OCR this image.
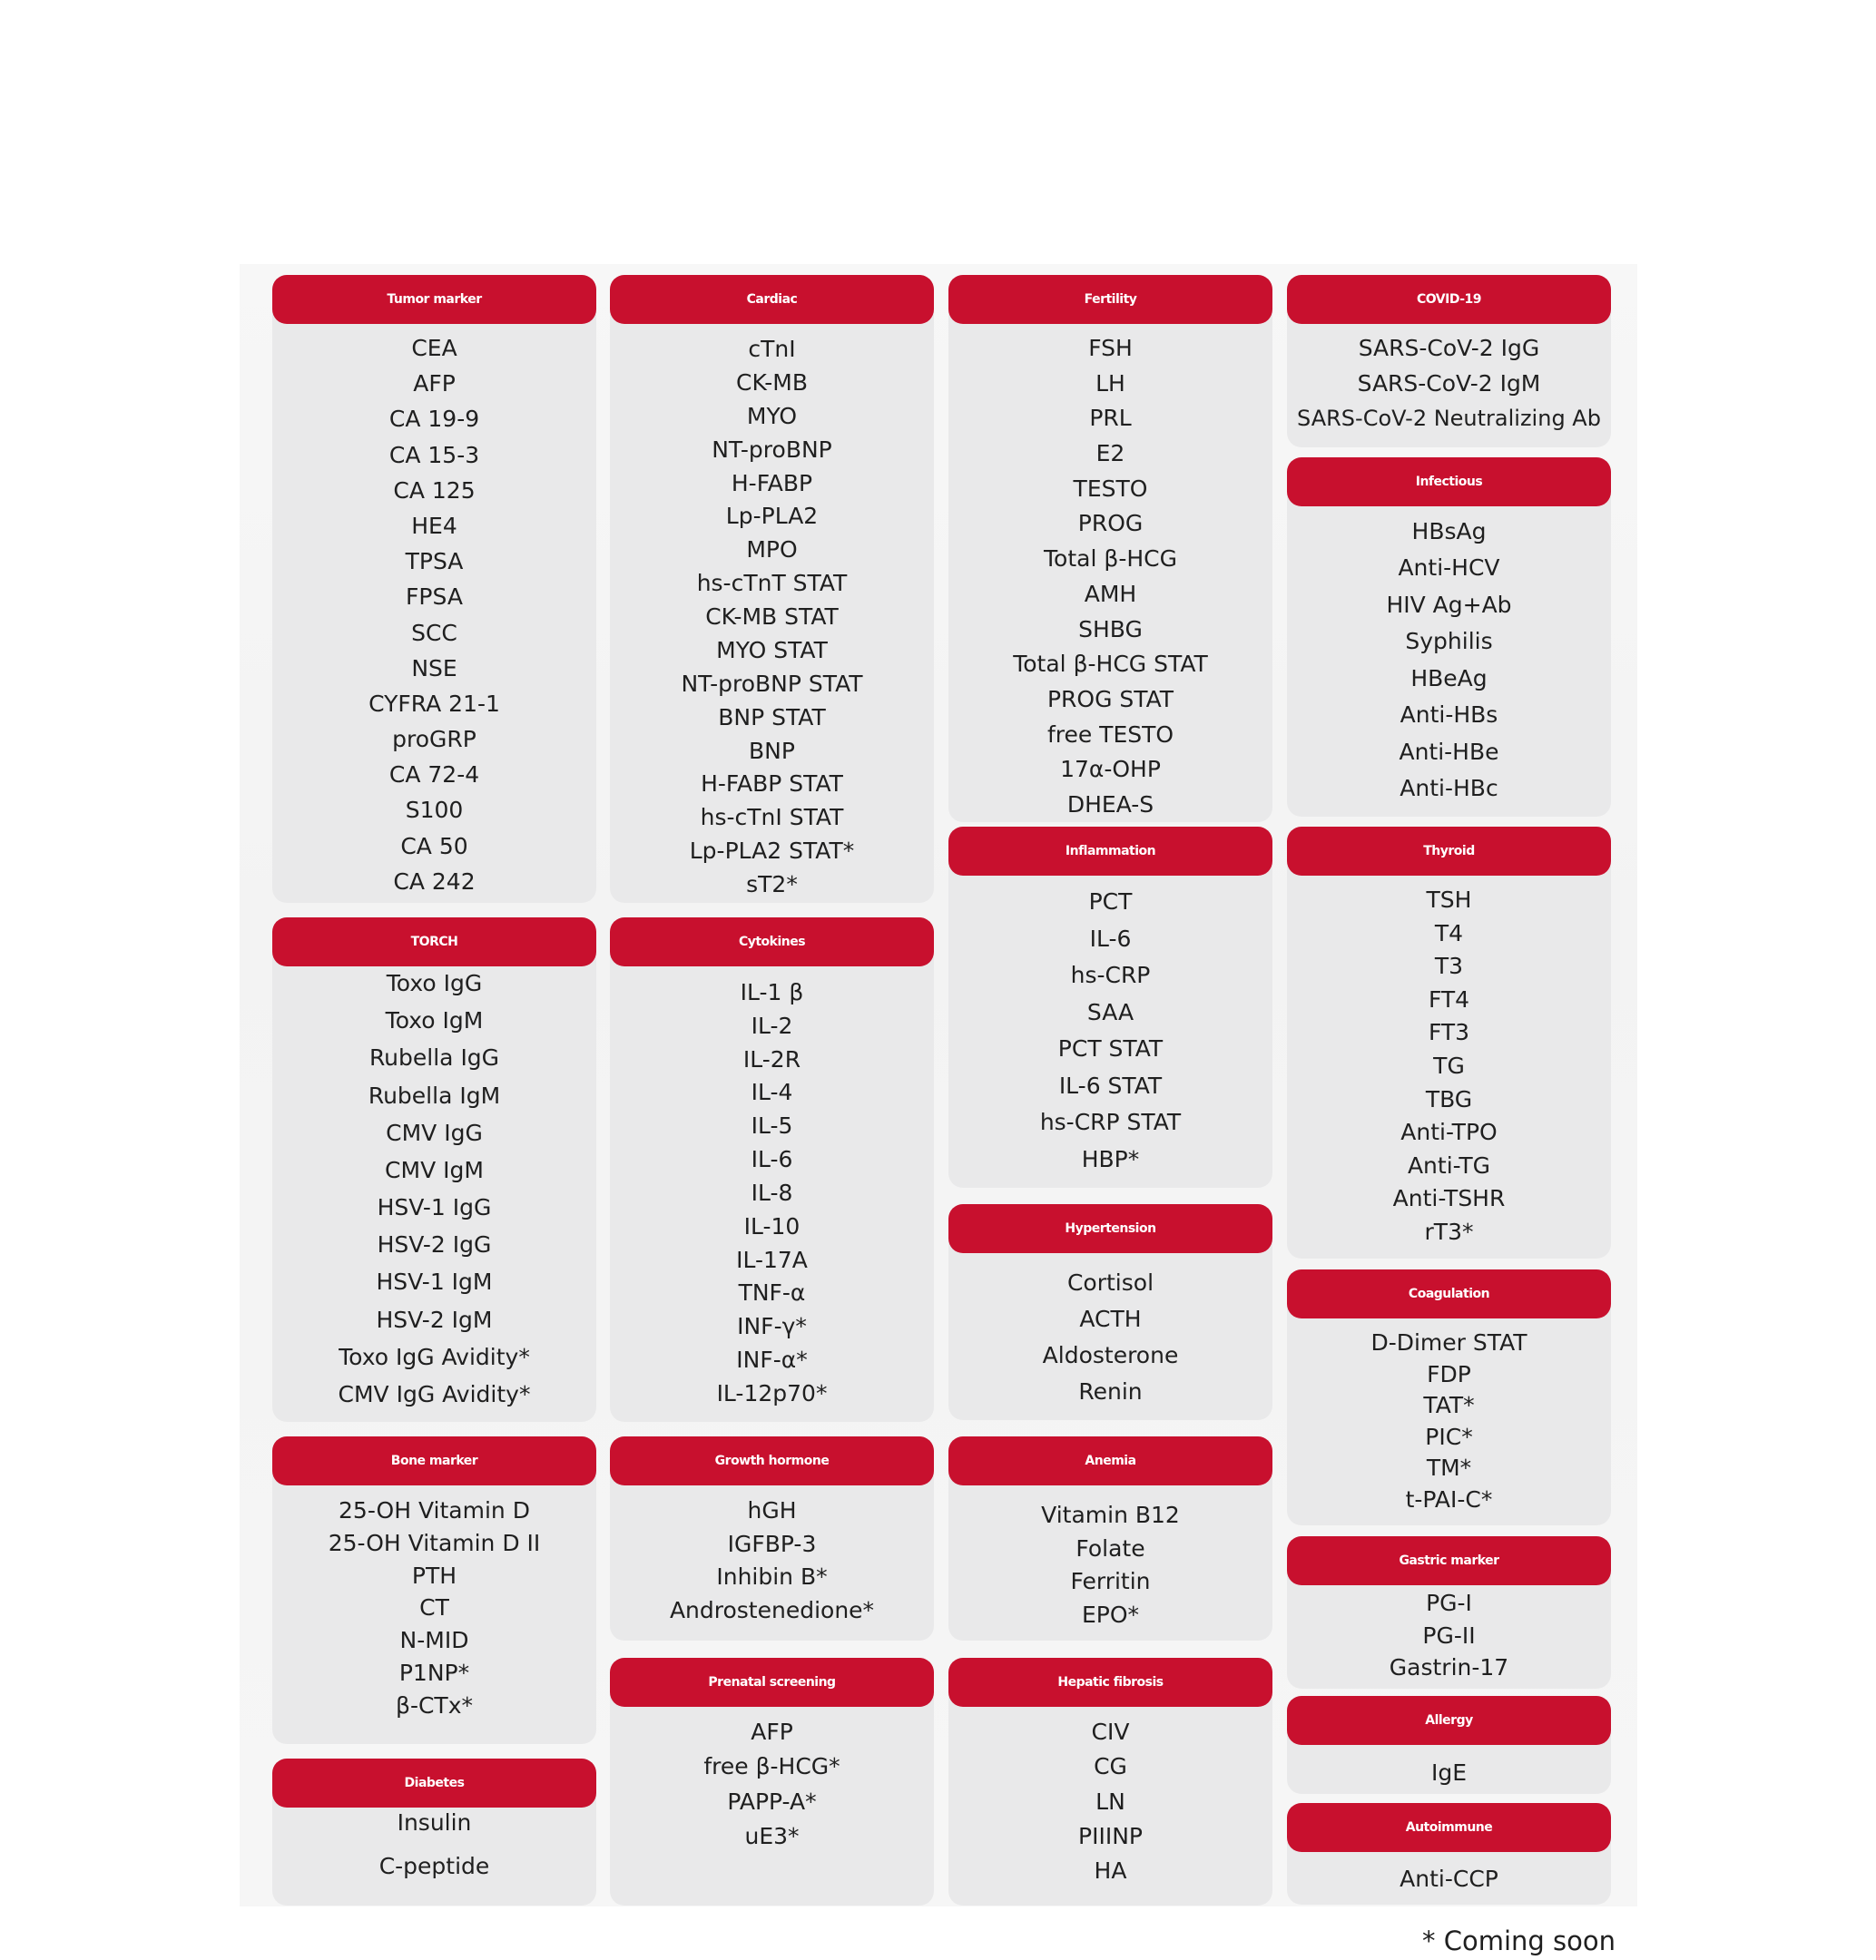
Tumor marker
CEA
AFP
CA 19-9
CA 15-3
CA 125
HE4
TPSA
FPSA
SCC
NSE
CYFRA 21-1
proGRP
CA 72-4
S100
CA 50
CA 242
TORCH
Toxo IgG
Toxo IgM
Rubella IgG
Rubella IgM
CMV IgG
CMV IgM
HSV-1 IgG
HSV-2 IgG
HSV-1 IgM
HSV-2 IgM
Toxo IgG Avidity*
CMV IgG Avidity*
Bone marker
25-OH Vitamin D
25-OH Vitamin D II
PTH
CT
N-MID
P1NP*
β-CTx*
Diabetes
Insulin
C-peptide
Cardiac
cTnI
CK-MB
MYO
NT-proBNP
H-FABP
Lp-PLA2
MPO
hs-cTnT STAT
CK-MB STAT
MYO STAT
NT-proBNP STAT
BNP STAT
BNP
H-FABP STAT
hs-cTnI STAT
Lp-PLA2 STAT*
sT2*
Cytokines
IL-1 β
IL-2
IL-2R
IL-4
IL-5
IL-6
IL-8
IL-10
IL-17A
TNF-α
INF-γ*
INF-α*
IL-12p70*
Growth hormone
hGH
IGFBP-3
Inhibin B*
Androstenedione*
Prenatal screening
AFP
free β-HCG*
PAPP-A*
uE3*
Fertility
FSH
LH
PRL
E2
TESTO
PROG
Total β-HCG
AMH
SHBG
Total β-HCG STAT
PROG STAT
free TESTO
17α-OHP
DHEA-S
Inflammation
PCT
IL-6
hs-CRP
SAA
PCT STAT
IL-6 STAT
hs-CRP STAT
HBP*
Hypertension
Cortisol
ACTH
Aldosterone
Renin
Anemia
Vitamin B12
Folate
Ferritin
EPO*
Hepatic fibrosis
CIV
CG
LN
PIIINP
HA
COVID-19
SARS-CoV-2 IgG
SARS-CoV-2 IgM
SARS-CoV-2 Neutralizing Ab
Infectious
HBsAg
Anti-HCV
HIV Ag+Ab
Syphilis
HBeAg
Anti-HBs
Anti-HBe
Anti-HBc
Thyroid
TSH
T4
T3
FT4
FT3
TG
TBG
Anti-TPO
Anti-TG
Anti-TSHR
rT3*
Coagulation
D-Dimer STAT
FDP
TAT*
PIC*
TM*
t-PAI-C*
Gastric marker
PG-I
PG-II
Gastrin-17
Allergy
IgE
Autoimmune
Anti-CCP
* Coming soon
